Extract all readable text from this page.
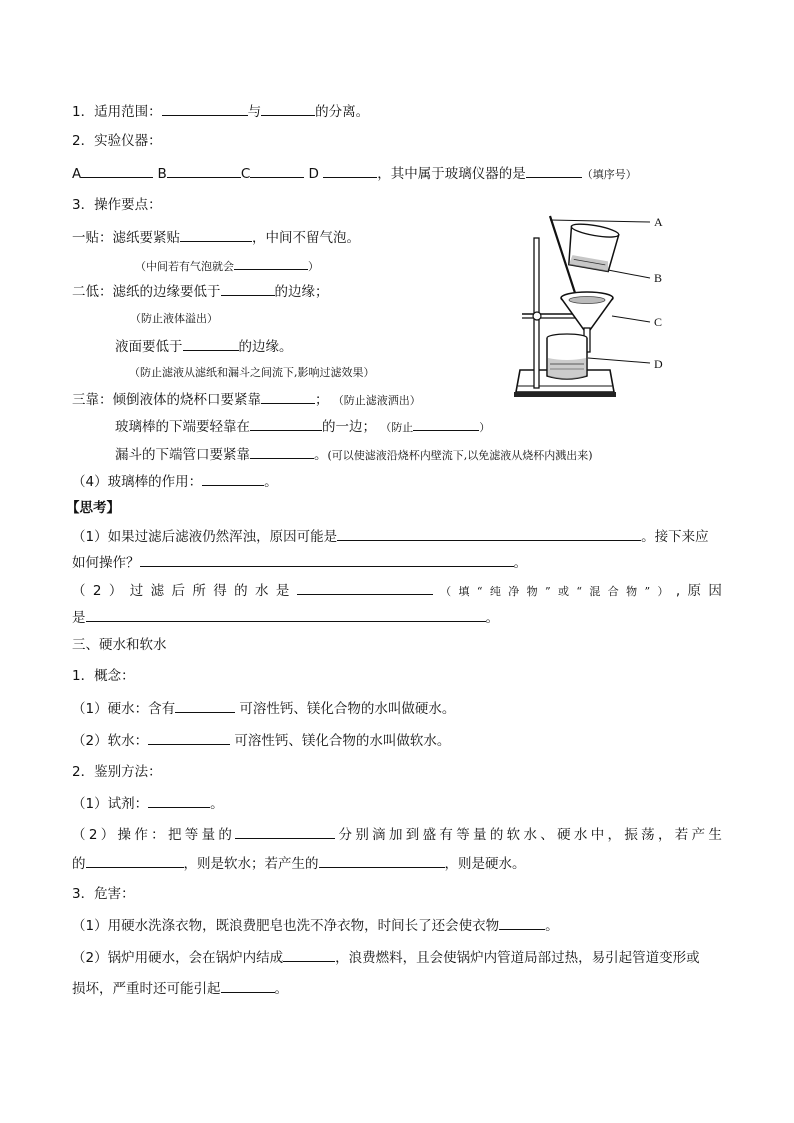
1．适用范围：	与	的分离。
2．实验仪器：
A	B	C	D	，其中属于玻璃仪器的是	（填序号）
3．操作要点：
一贴：滤纸要紧贴	，中间不留气泡。
（中间若有气泡就会	）
二低：滤纸的边缘要低于	的边缘；
（防止液体溢出）
液面要低于	的边缘。
（防止滤液从滤纸和漏斗之间流下,影响过滤效果）
三靠：倾倒液体的烧杯口要紧靠	； （防止滤液洒出）
玻璃棒的下端要轻靠在	的一边； （防止	）
漏斗的下端管口要紧靠	。(可以使滤液沿烧杯内壁流下,以免滤液从烧杯内溅出来)
（4）玻璃棒的作用：	。
【思考】
（1）如果过滤后滤液仍然浑浊，原因可能是	。接下来应
如何操作？	。
（ 2 ） 过 滤 后 所 得 的 水 是	（ 填 “ 纯 净 物 ” 或 “ 混 合 物 ” ） , 原 因
是	。
三、硬水和软水
1．概念：
（1）硬水：含有	可溶性钙、镁化合物的水叫做硬水。
（2）软水：	可溶性钙、镁化合物的水叫做软水。
2．鉴别方法：
（1）试剂：	。
（ 2 ） 操 作 ： 把 等 量 的	分 别 滴 加 到 盛 有 等 量 的 软 水 、 硬 水 中 ， 振 荡 ， 若 产 生
的	，则是软水；若产生的	，则是硬水。
3．危害：
（1）用硬水洗涤衣物，既浪费肥皂也洗不净衣物，时间长了还会使衣物	。
（2）锅炉用硬水，会在锅炉内结成	，浪费燃料，且会使锅炉内管道局部过热，易引起管道变形或
损坏，严重时还可能引起	。
A
B
C
D
